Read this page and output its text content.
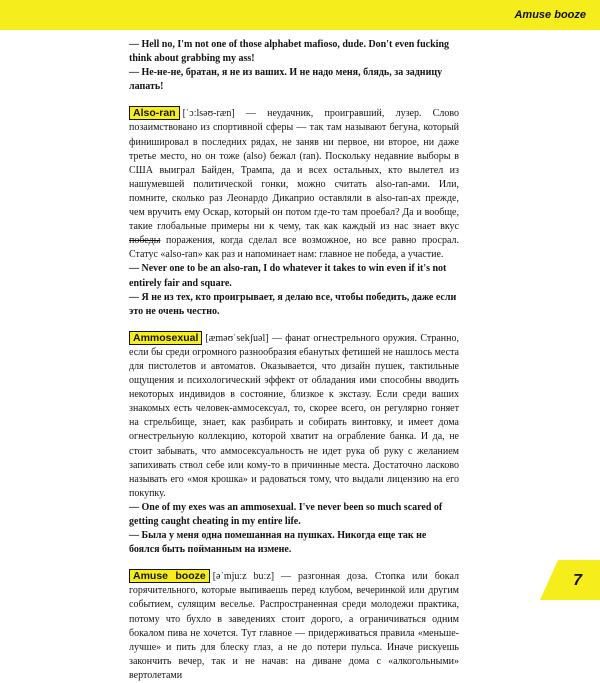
Amuse booze
— Hell no, I'm not one of those alphabet mafioso, dude. Don't even fucking think about grabbing my ass!
— Не-не-не, братан, я не из ваших. И не надо меня, блядь, за задницу лапать!
Also-ran [ˈɔːlsəʊ-ræn] — неудачник, проигравший, лузер. Слово позаимствовано из спортивной сферы — так там называют бегуна, который финишировал в последних рядах, не заняв ни первое, ни второе, ни даже третье место, но он тоже (also) бежал (ran). Поскольку недавние выборы в США выиграл Байден, Трампа, да и всех остальных, кто вылетел из нашумевшей политической гонки, можно считать also-ran-ами. Или, помните, сколько раз Леонардо Дикаприо оставляли в also-ran-ах прежде, чем вручить ему Оскар, который он потом где-то там проебал? Да и вообще, такие глобальные примеры ни к чему, так как каждый из нас знает вкус победы поражения, когда сделал все возможное, но все равно просрал. Статус «also-ran» как раз и напоминает нам: главное не победа, а участие.
— Never one to be an also-ran, I do whatever it takes to win even if it's not entirely fair and square.
— Я не из тех, кто проигрывает, я делаю все, чтобы победить, даже если это не очень честно.
Ammosexual [æməʊˈsekʃuəl] — фанат огнестрельного оружия. Странно, если бы среди огромного разнообразия ебанутых фетишей не нашлось места для пистолетов и автоматов. Оказывается, что дизайн пушек, тактильные ощущения и психологический эффект от обладания ими способны вводить некоторых индивидов в состояние, близкое к экстазу. Если среди ваших знакомых есть человек-аммосексуал, то, скорее всего, он регулярно гоняет на стрельбище, знает, как разбирать и собирать винтовку, и имеет дома огнестрельную коллекцию, которой хватит на ограбление банка. И да, не стоит забывать, что аммосексуальность не идет рука об руку с желанием запихивать ствол себе или кому-то в причинные места. Достаточно ласково называть его «моя крошка» и радоваться тому, что выдали лицензию на его покупку.
— One of my exes was an ammosexual. I've never been so much scared of getting caught cheating in my entire life.
— Была у меня одна помешанная на пушках. Никогда еще так не боялся быть пойманным на измене.
Amuse booze [əˈmjuːz buːz] — разгонная доза. Стопка или бокал горячительного, которые выпиваешь перед клубом, вечеринкой или другим событием, сулящим веселье. Распространенная среди молодежи практика, потому что бухло в заведениях стоит дорого, а ограничиваться одним бокалом пива не хочется. Тут главное — придерживаться правила «меньше-лучше» и пить для блеску глаз, а не до потери пульса. Иначе рискуешь закончить вечер, так и не начав: на диване дома с «алкогольными» вертолетами
7
